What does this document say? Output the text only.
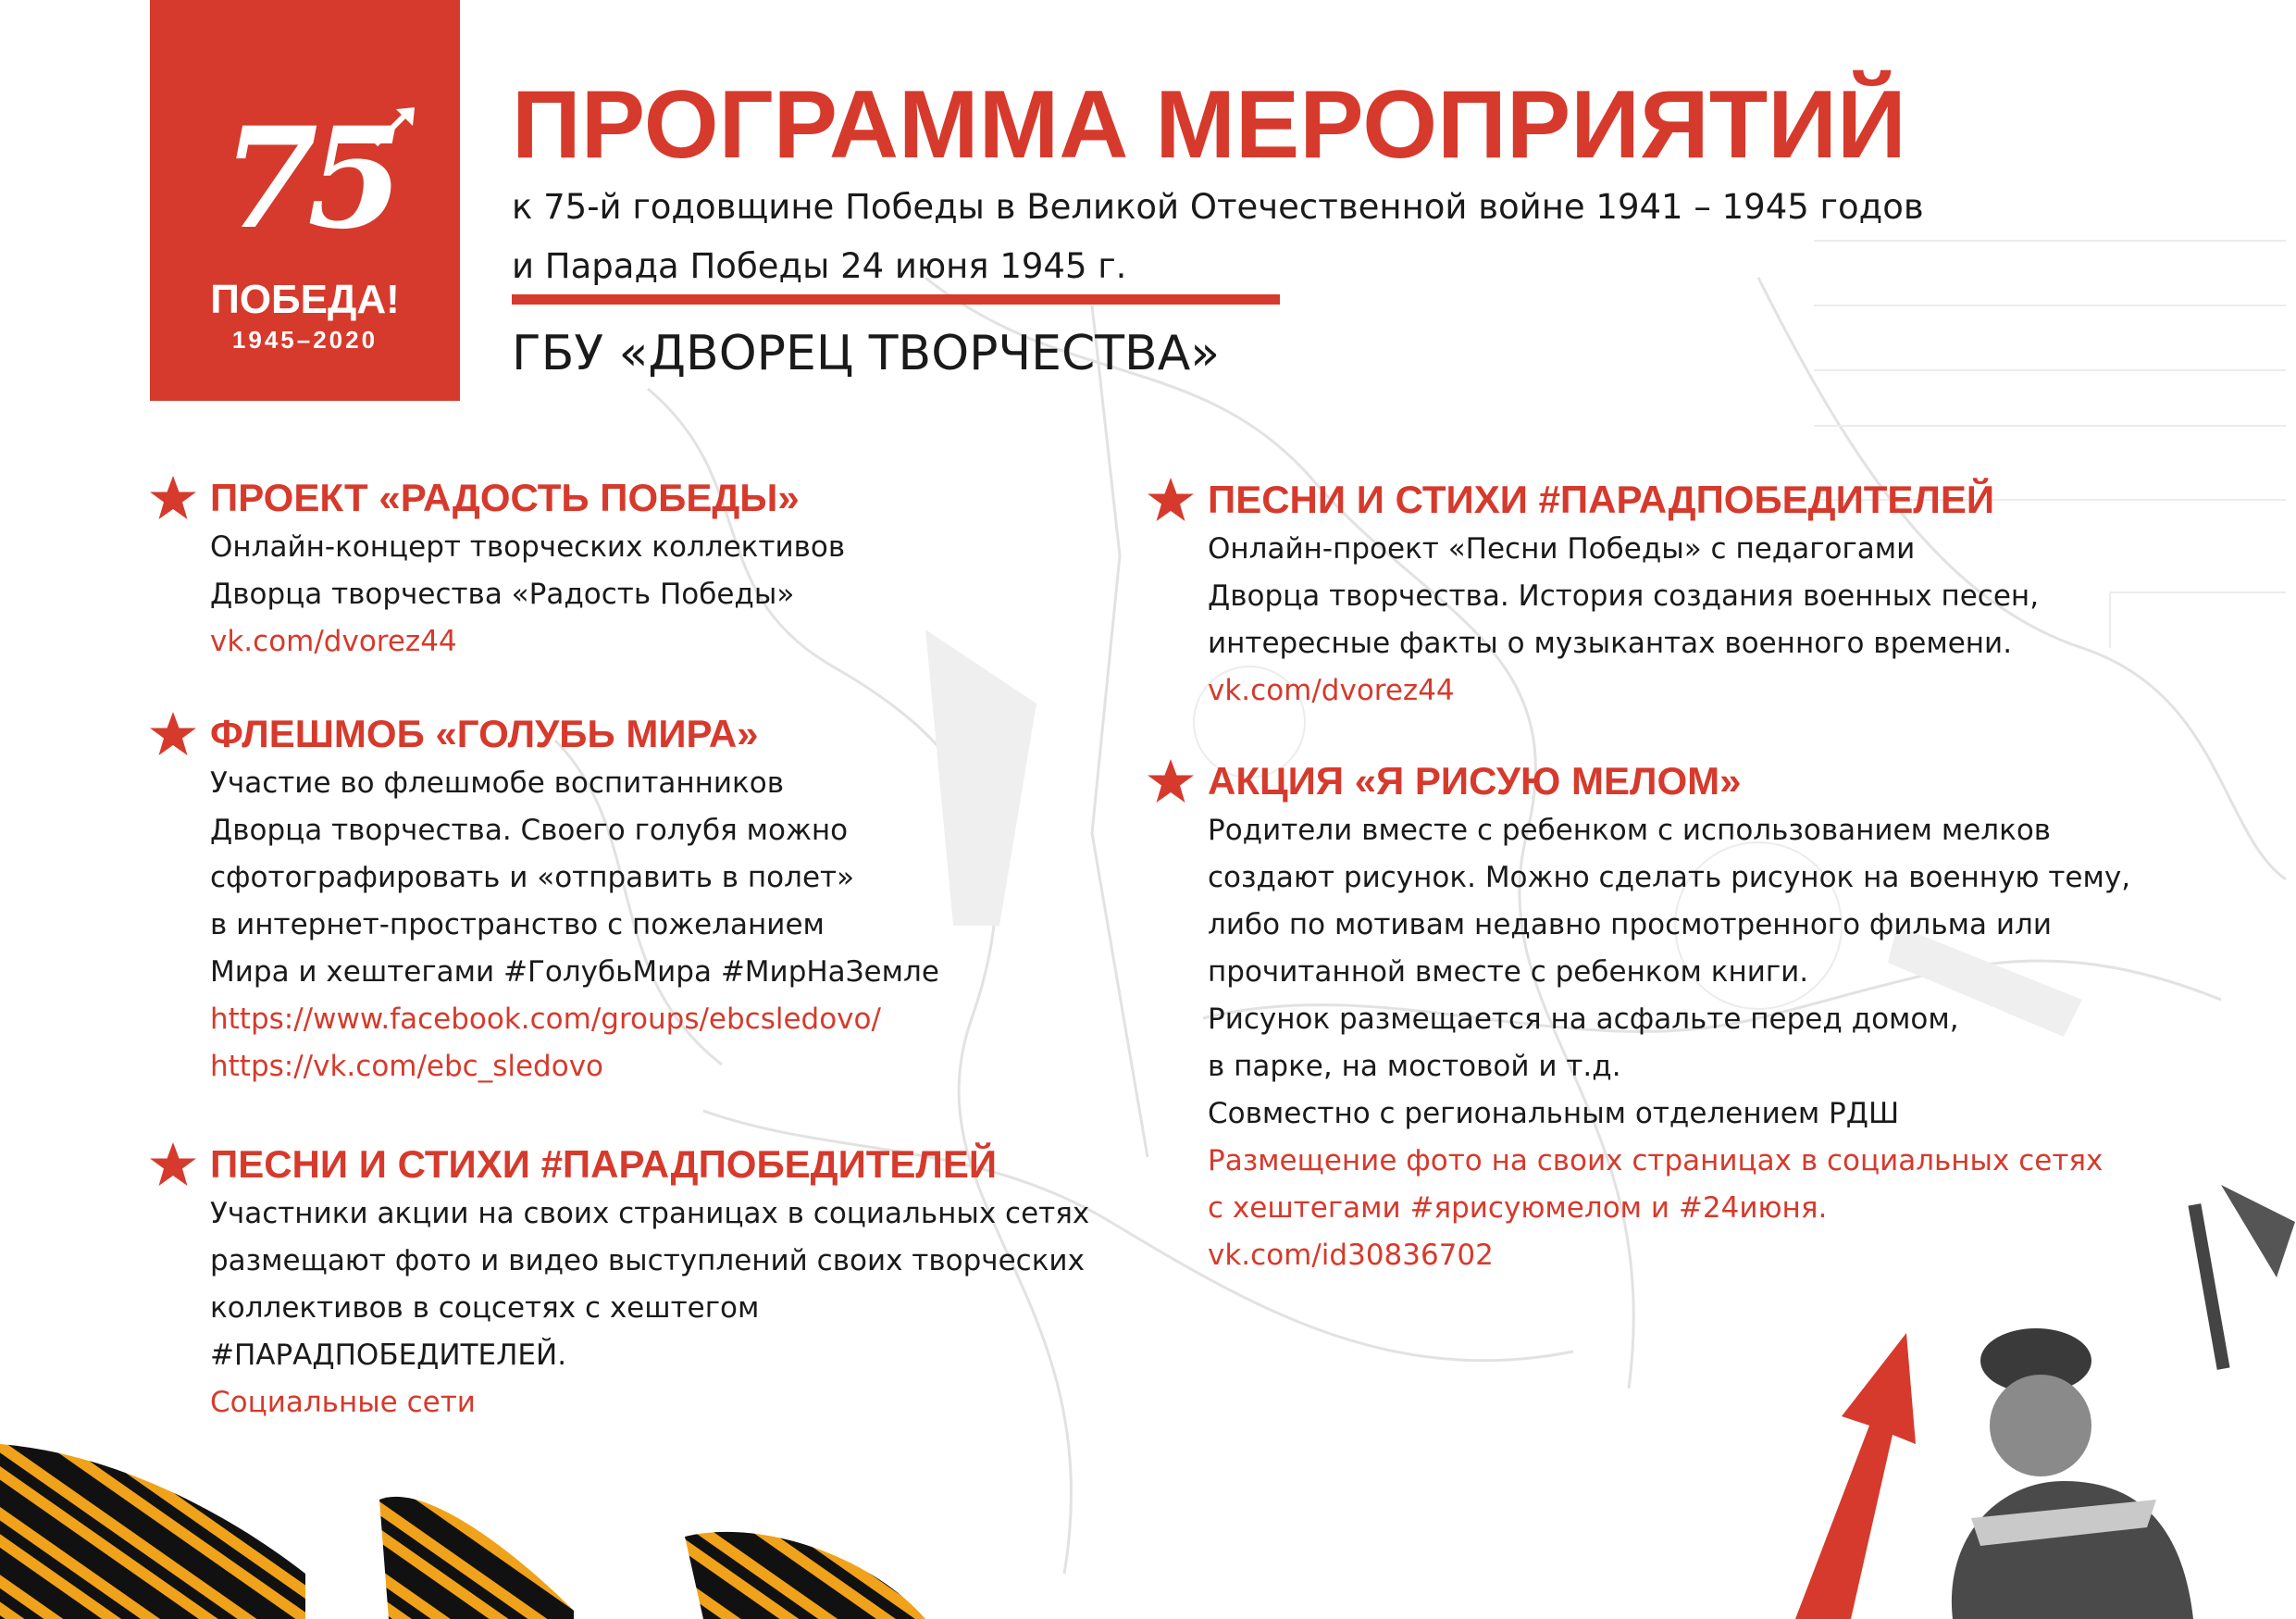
75
ПОБЕДА!
1945–2020
ПРОГРАММА МЕРОПРИЯТИЙ
к 75-й годовщине Победы в Великой Отечественной войне 1941 – 1945 годов
и Парада Победы 24 июня 1945 г.
ГБУ «ДВОРЕЦ ТВОРЧЕСТВА»
ПРОЕКТ «РАДОСТЬ ПОБЕДЫ»
Онлайн-концерт творческих коллективов
Дворца творчества «Радость Победы»
vk.com/dvorez44
ФЛЕШМОБ «ГОЛУБЬ МИРА»
Участие во флешмобе воспитанников
Дворца творчества. Своего голубя можно
сфотографировать и «отправить в полет»
в интернет-пространство с пожеланием
Мира и хештегами #ГолубьМира #МирНаЗемле
https://www.facebook.com/groups/ebcsledovo/
https://vk.com/ebc_sledovo
ПЕСНИ И СТИХИ #ПАРАДПОБЕДИТЕЛЕЙ
Участники акции на своих страницах в социальных сетях
размещают фото и видео выступлений своих творческих
коллективов в соцсетях с хештегом
#ПАРАДПОБЕДИТЕЛЕЙ.
Социальные сети
ПЕСНИ И СТИХИ #ПАРАДПОБЕДИТЕЛЕЙ
Онлайн-проект «Песни Победы» с педагогами
Дворца творчества. История создания военных песен,
интересные факты о музыкантах военного времени.
vk.com/dvorez44
АКЦИЯ «Я РИСУЮ МЕЛОМ»
Родители вместе с ребенком с использованием мелков
создают рисунок. Можно сделать рисунок на военную тему,
либо по мотивам недавно просмотренного фильма или
прочитанной вместе с ребенком книги.
Рисунок размещается на асфальте перед домом,
в парке, на мостовой и т.д.
Совместно с региональным отделением РДШ
Размещение фото на своих страницах в социальных сетях
с хештегами #ярисуюмелом и #24июня.
vk.com/id30836702
